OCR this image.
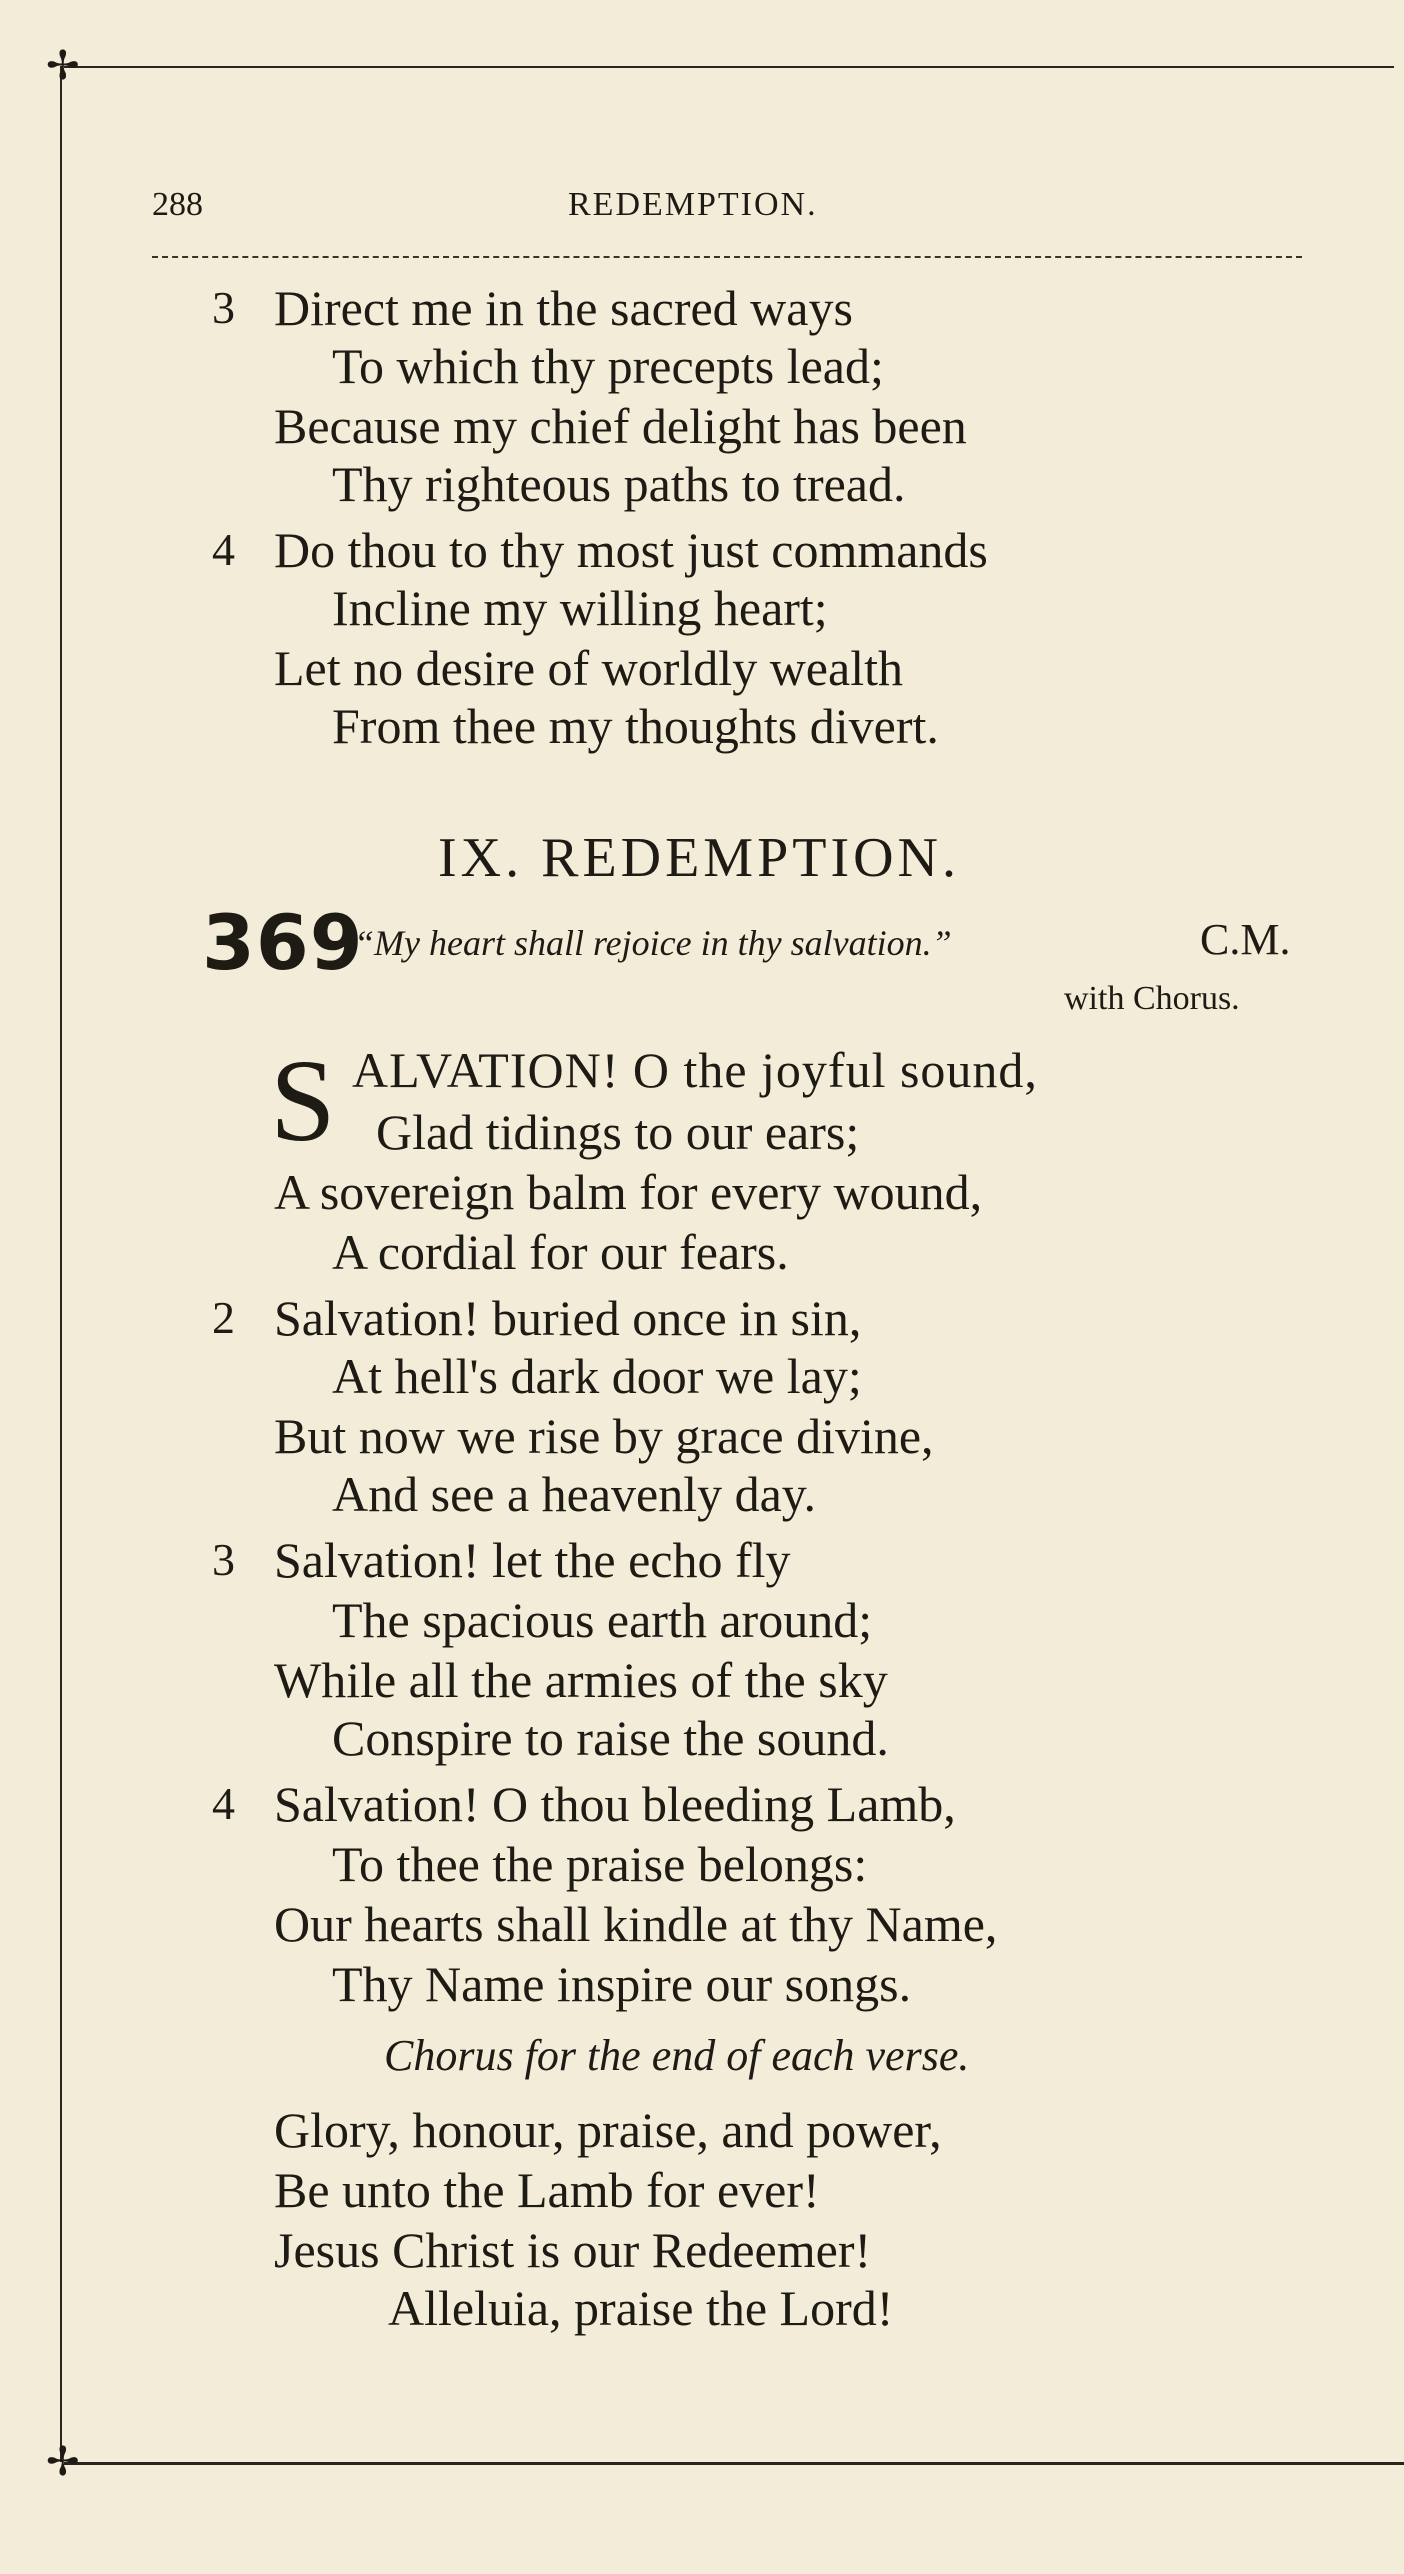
✢
✢
288	REDEMPTION.
3 Direct me in the sacred ways
To which thy precepts lead;
Because my chief delight has been
Thy righteous paths to tread.
4 Do thou to thy most just commands
Incline my willing heart;
Let no desire of worldly wealth
From thee my thoughts divert.
IX. REDEMPTION.
369
“My heart shall rejoice in thy salvation.”	C.M.
with Chorus.
S ALVATION! O the joyful sound,
Glad tidings to our ears;
A sovereign balm for every wound,
A cordial for our fears.
2 Salvation! buried once in sin,
At hell's dark door we lay;
But now we rise by grace divine,
And see a heavenly day.
3 Salvation! let the echo fly
The spacious earth around;
While all the armies of the sky
Conspire to raise the sound.
4 Salvation! O thou bleeding Lamb,
To thee the praise belongs:
Our hearts shall kindle at thy Name,
Thy Name inspire our songs.
Chorus for the end of each verse.
Glory, honour, praise, and power,
Be unto the Lamb for ever!
Jesus Christ is our Redeemer!
Alleluia, praise the Lord!
